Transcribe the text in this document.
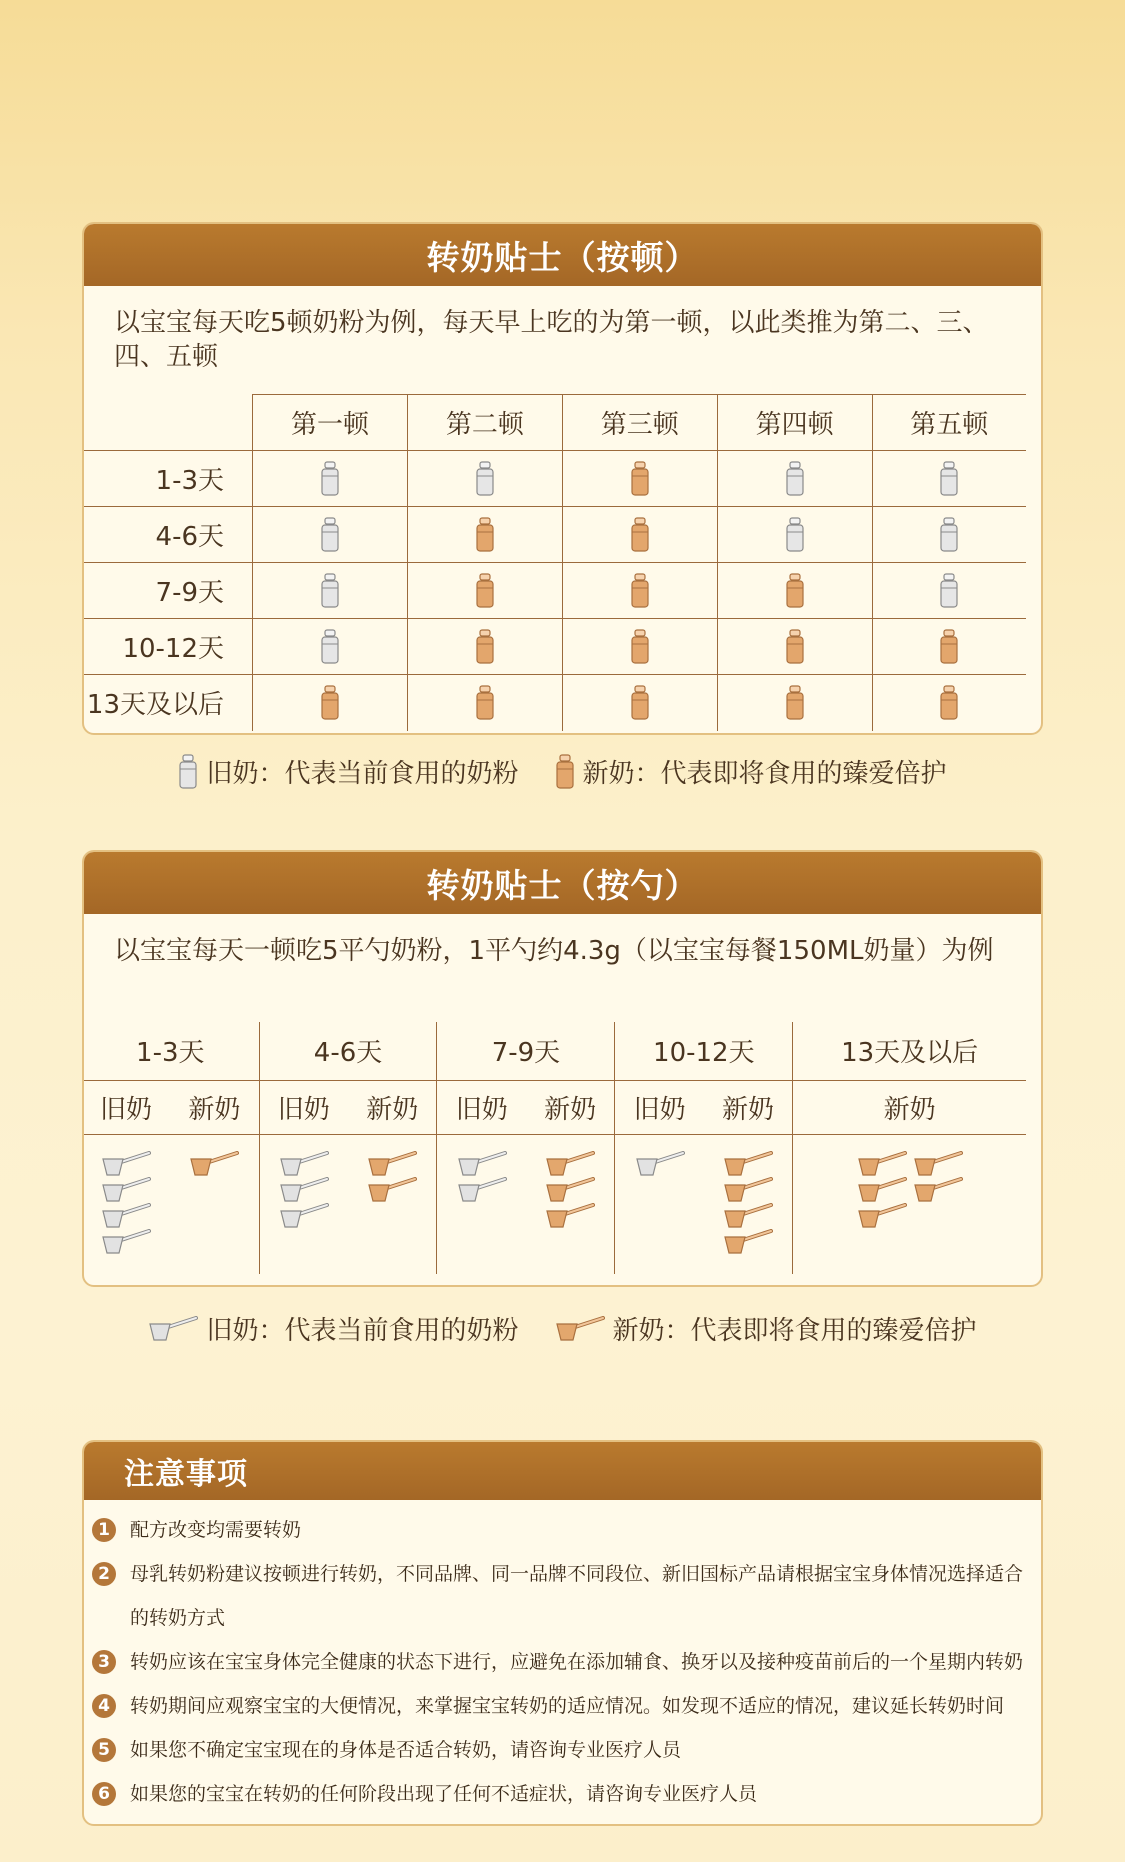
转奶贴士（按顿）
以宝宝每天吃5顿奶粉为例，每天早上吃的为第一顿，以此类推为第二、三、四、五顿
	第一顿	第二顿	第三顿	第四顿	第五顿
1-3天					
4-6天					
7-9天					
10-12天					
13天及以后					
旧奶：代表当前食用的奶粉 新奶：代表即将食用的臻爱倍护
转奶贴士（按勺）
以宝宝每天一顿吃5平勺奶粉，1平勺约4.3g（以宝宝每餐150ML奶量）为例
1-3天		4-6天		7-9天		10-12天		13天及以后
旧奶	新奶	旧奶	新奶	旧奶	新奶	旧奶	新奶	新奶

旧奶：代表当前食用的奶粉	新奶：代表即将食用的臻爱倍护
注意事项
1	配方改变均需要转奶
2	母乳转奶粉建议按顿进行转奶，不同品牌、同一品牌不同段位、新旧国标产品请根据宝宝身体情况选择适合的转奶方式
3	转奶应该在宝宝身体完全健康的状态下进行，应避免在添加辅食、换牙以及接种疫苗前后的一个星期内转奶
4	转奶期间应观察宝宝的大便情况，来掌握宝宝转奶的适应情况。如发现不适应的情况，建议延长转奶时间
5	如果您不确定宝宝现在的身体是否适合转奶，请咨询专业医疗人员
6	如果您的宝宝在转奶的任何阶段出现了任何不适症状，请咨询专业医疗人员
